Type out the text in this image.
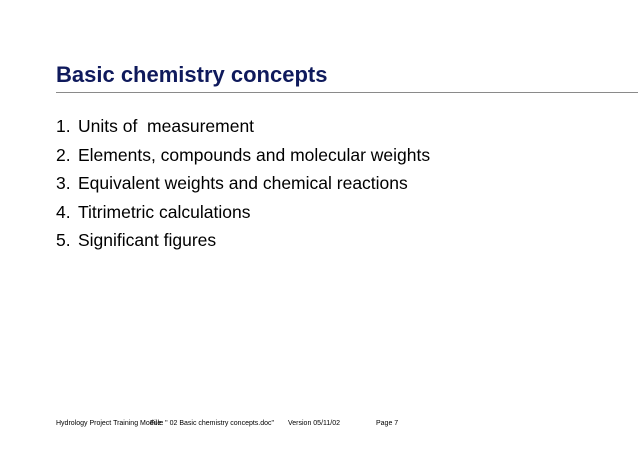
Basic chemistry concepts
1. Units of  measurement
2. Elements, compounds and molecular weights
3. Equivalent weights and chemical reactions
4. Titrimetric calculations
5. Significant figures
Hydrology Project Training Module
File: " 02 Basic chemistry concepts.doc" Version 05/11/02	Page 7
